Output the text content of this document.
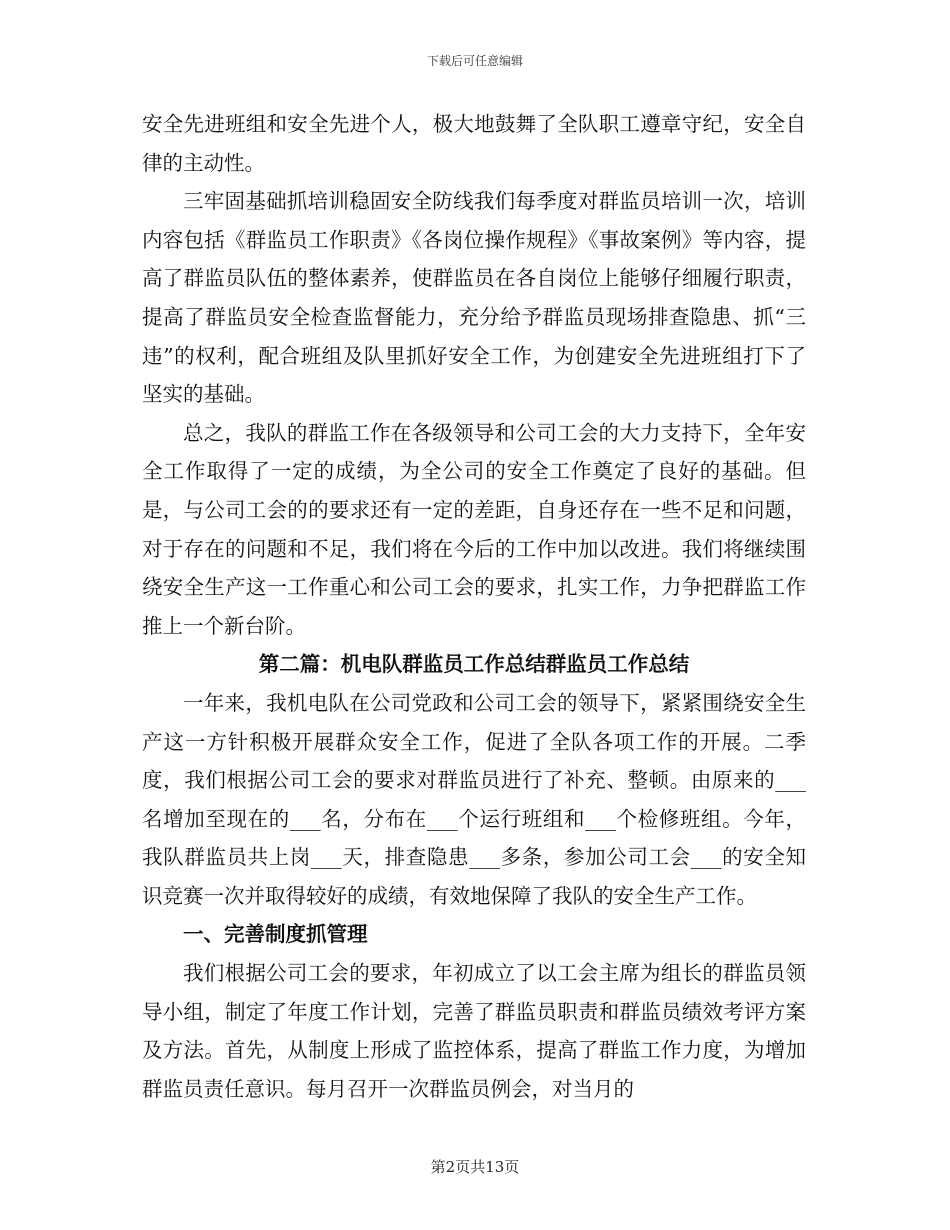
下载后可任意编辑

安全先进班组和安全先进个人，极大地鼓舞了全队职工遵章守纪，安全自律的主动性。

三牢固基础抓培训稳固安全防线我们每季度对群监员培训一次，培训内容包括《群监员工作职责》《各岗位操作规程》《事故案例》等内容，提高了群监员队伍的整体素养，使群监员在各自岗位上能够仔细履行职责，提高了群监员安全检查监督能力，充分给予群监员现场排查隐患、抓“三违”的权利，配合班组及队里抓好安全工作，为创建安全先进班组打下了坚实的基础。

总之，我队的群监工作在各级领导和公司工会的大力支持下，全年安全工作取得了一定的成绩，为全公司的安全工作奠定了良好的基础。但是，与公司工会的的要求还有一定的差距，自身还存在一些不足和问题，对于存在的问题和不足，我们将在今后的工作中加以改进。我们将继续围绕安全生产这一工作重心和公司工会的要求，扎实工作，力争把群监工作推上一个新台阶。

第二篇：机电队群监员工作总结群监员工作总结

一年来，我机电队在公司党政和公司工会的领导下，紧紧围绕安全生产这一方针积极开展群众安全工作，促进了全队各项工作的开展。二季度，我们根据公司工会的要求对群监员进行了补充、整顿。由原来的___名增加至现在的___名，分布在___个运行班组和___个检修班组。今年，我队群监员共上岗___天，排查隐患___多条，参加公司工会___的安全知识竞赛一次并取得较好的成绩，有效地保障了我队的安全生产工作。

一、完善制度抓管理

我们根据公司工会的要求，年初成立了以工会主席为组长的群监员领导小组，制定了年度工作计划，完善了群监员职责和群监员绩效考评方案及方法。首先，从制度上形成了监控体系，提高了群监工作力度，为增加群监员责任意识。每月召开一次群监员例会，对当月的

第2页共13页
